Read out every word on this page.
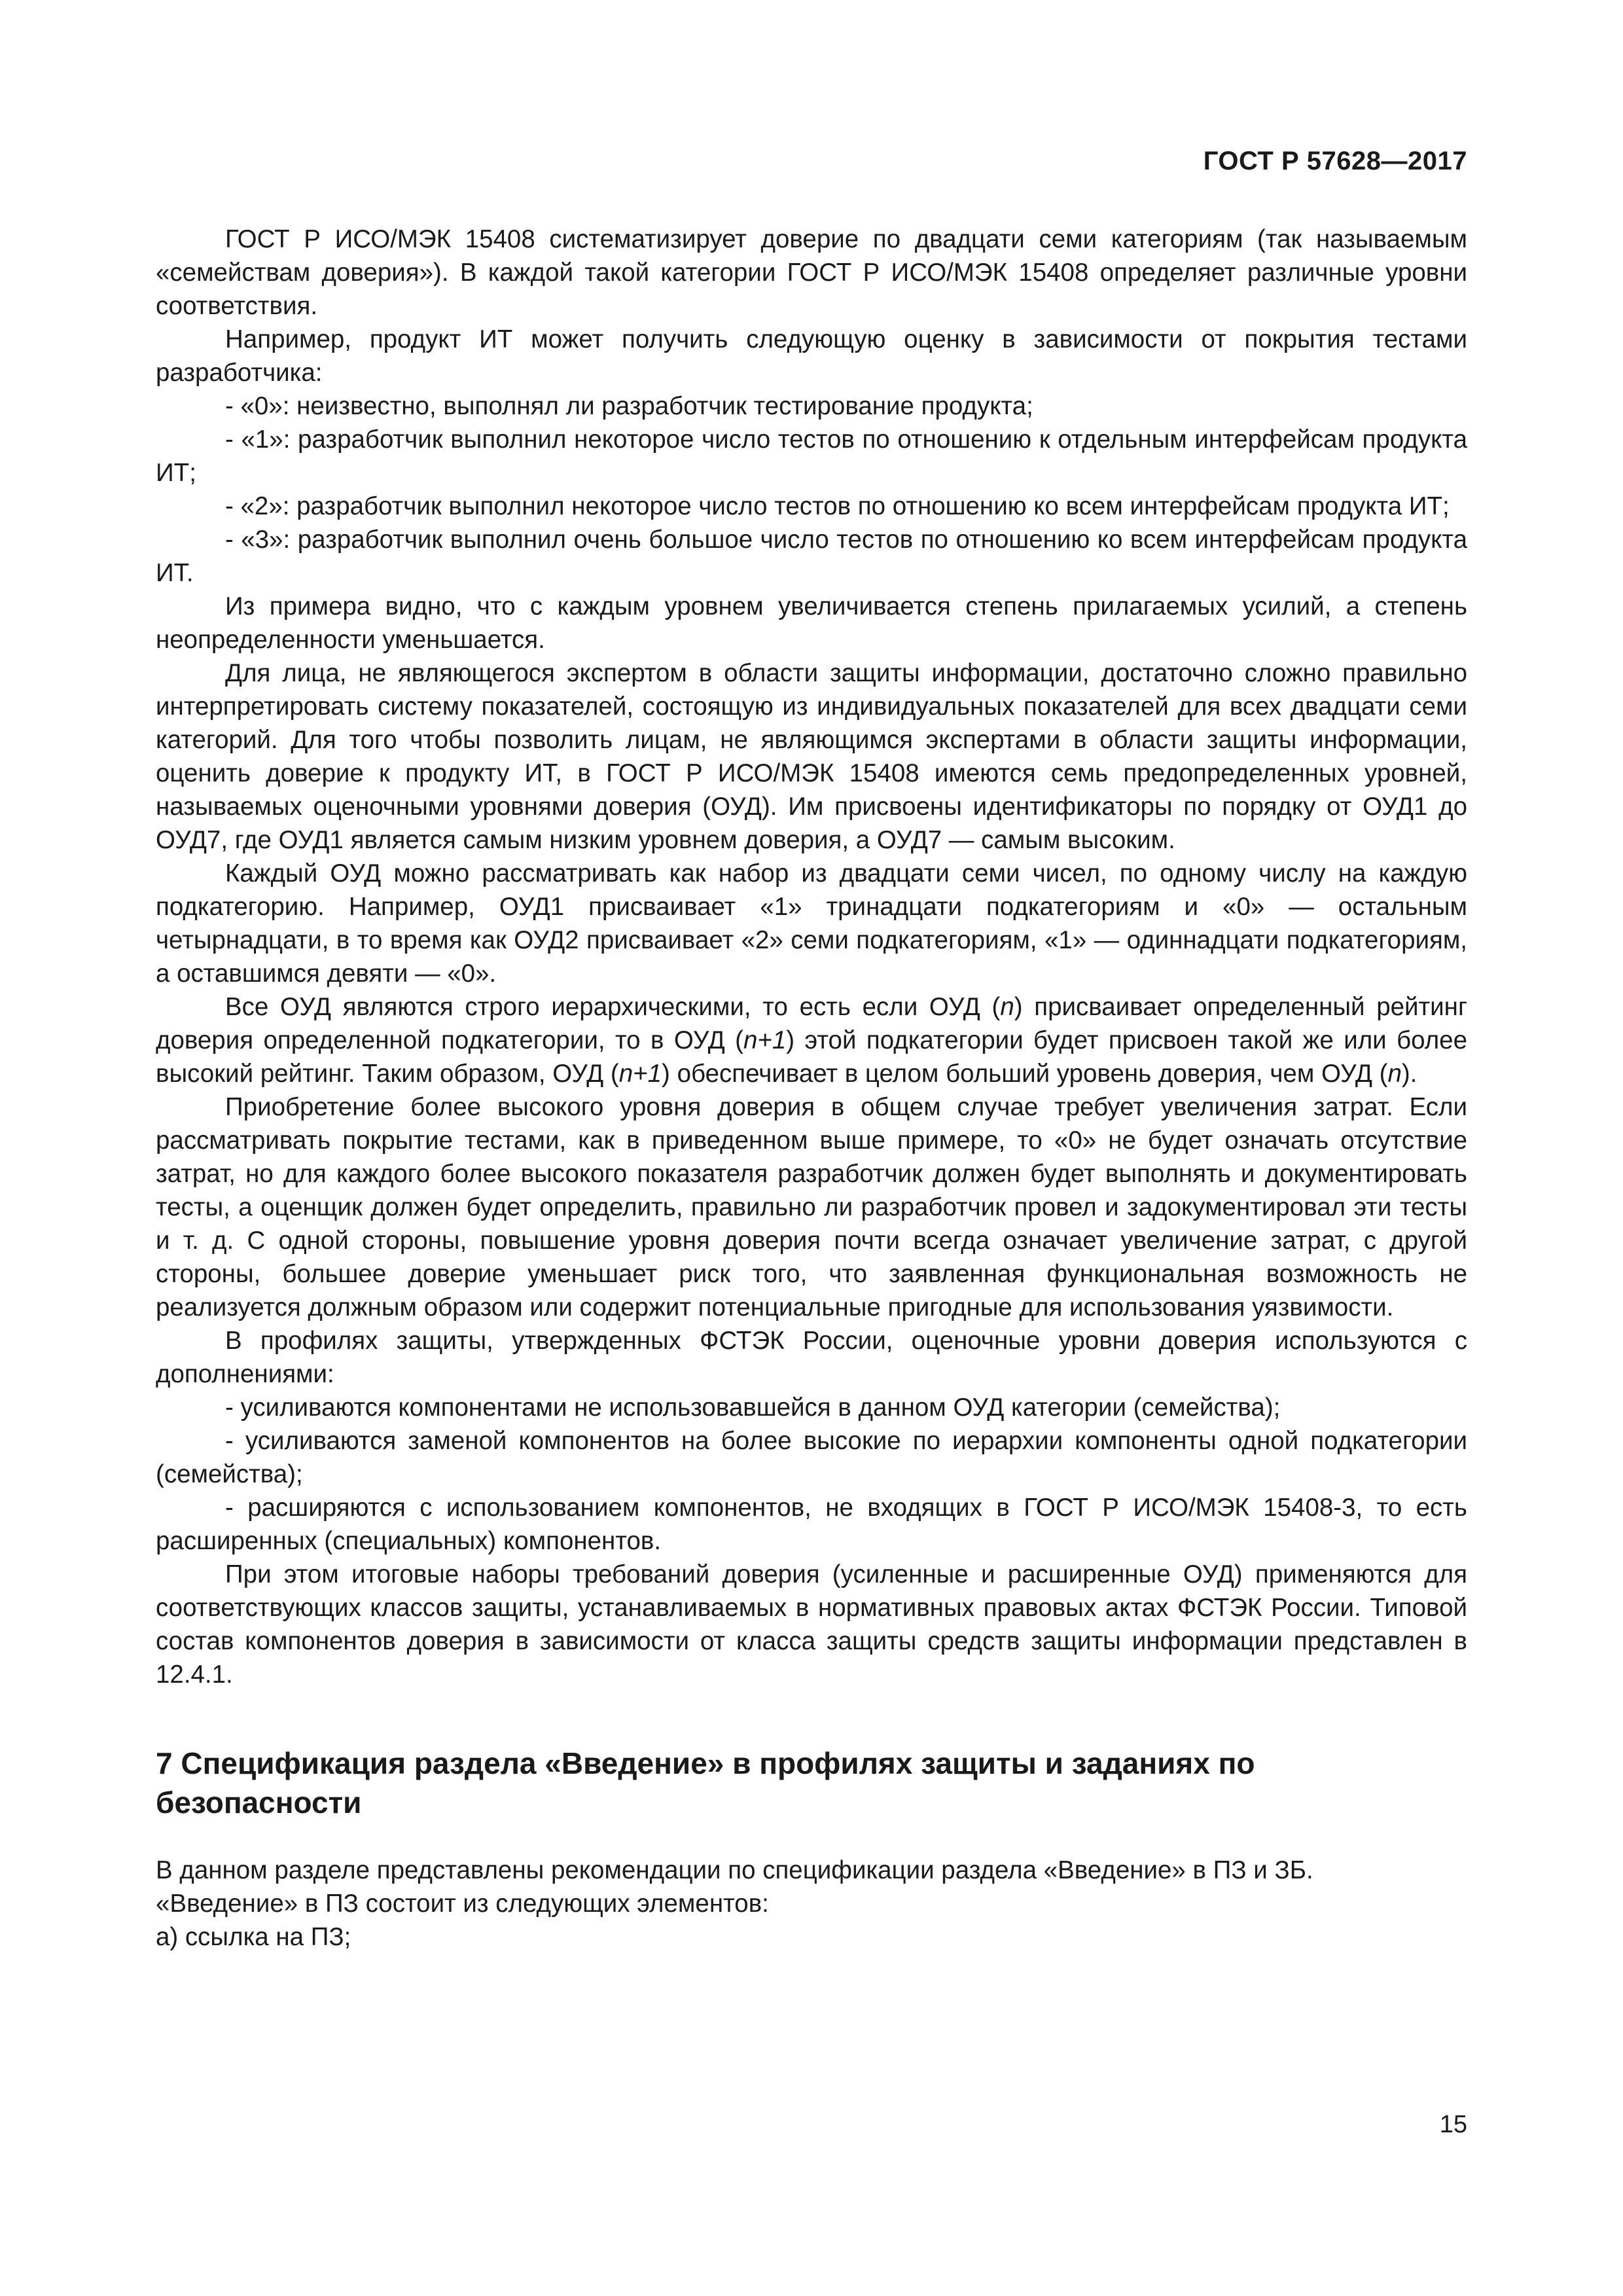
ГОСТ Р 57628—2017

ГОСТ Р ИСО/МЭК 15408 систематизирует доверие по двадцати семи категориям (так называемым «семействам доверия»). В каждой такой категории ГОСТ Р ИСО/МЭК 15408 определяет различные уровни соответствия.

Например, продукт ИТ может получить следующую оценку в зависимости от покрытия тестами разработчика:

- «0»: неизвестно, выполнял ли разработчик тестирование продукта;

- «1»: разработчик выполнил некоторое число тестов по отношению к отдельным интерфейсам продукта ИТ;

- «2»: разработчик выполнил некоторое число тестов по отношению ко всем интерфейсам продукта ИТ;

- «3»: разработчик выполнил очень большое число тестов по отношению ко всем интерфейсам продукта ИТ.

Из примера видно, что с каждым уровнем увеличивается степень прилагаемых усилий, а степень неопределенности уменьшается.

Для лица, не являющегося экспертом в области защиты информации, достаточно сложно правильно интерпретировать систему показателей, состоящую из индивидуальных показателей для всех двадцати семи категорий. Для того чтобы позволить лицам, не являющимся экспертами в области защиты информации, оценить доверие к продукту ИТ, в ГОСТ Р ИСО/МЭК 15408 имеются семь предопределенных уровней, называемых оценочными уровнями доверия (ОУД). Им присвоены идентификаторы по порядку от ОУД1 до ОУД7, где ОУД1 является самым низким уровнем доверия, а ОУД7 — самым высоким.

Каждый ОУД можно рассматривать как набор из двадцати семи чисел, по одному числу на каждую подкатегорию. Например, ОУД1 присваивает «1» тринадцати подкатегориям и «0» — остальным четырнадцати, в то время как ОУД2 присваивает «2» семи подкатегориям, «1» — одиннадцати подкатегориям, а оставшимся девяти — «0».

Все ОУД являются строго иерархическими, то есть если ОУД (n) присваивает определенный рейтинг доверия определенной подкатегории, то в ОУД (n+1) этой подкатегории будет присвоен такой же или более высокий рейтинг. Таким образом, ОУД (n+1) обеспечивает в целом больший уровень доверия, чем ОУД (n).

Приобретение более высокого уровня доверия в общем случае требует увеличения затрат. Если рассматривать покрытие тестами, как в приведенном выше примере, то «0» не будет означать отсутствие затрат, но для каждого более высокого показателя разработчик должен будет выполнять и документировать тесты, а оценщик должен будет определить, правильно ли разработчик провел и задокументировал эти тесты и т. д. С одной стороны, повышение уровня доверия почти всегда означает увеличение затрат, с другой стороны, большее доверие уменьшает риск того, что заявленная функциональная возможность не реализуется должным образом или содержит потенциальные пригодные для использования уязвимости.

В профилях защиты, утвержденных ФСТЭК России, оценочные уровни доверия используются с дополнениями:

- усиливаются компонентами не использовавшейся в данном ОУД категории (семейства);

- усиливаются заменой компонентов на более высокие по иерархии компоненты одной подкатегории (семейства);

- расширяются с использованием компонентов, не входящих в ГОСТ Р ИСО/МЭК 15408-3, то есть расширенных (специальных) компонентов.

При этом итоговые наборы требований доверия (усиленные и расширенные ОУД) применяются для соответствующих классов защиты, устанавливаемых в нормативных правовых актах ФСТЭК России. Типовой состав компонентов доверия в зависимости от класса защиты средств защиты информации представлен в 12.4.1.

7 Спецификация раздела «Введение» в профилях защиты и заданиях по безопасности

В данном разделе представлены рекомендации по спецификации раздела «Введение» в ПЗ и ЗБ.

«Введение» в ПЗ состоит из следующих элементов:

а) ссылка на ПЗ;

15
